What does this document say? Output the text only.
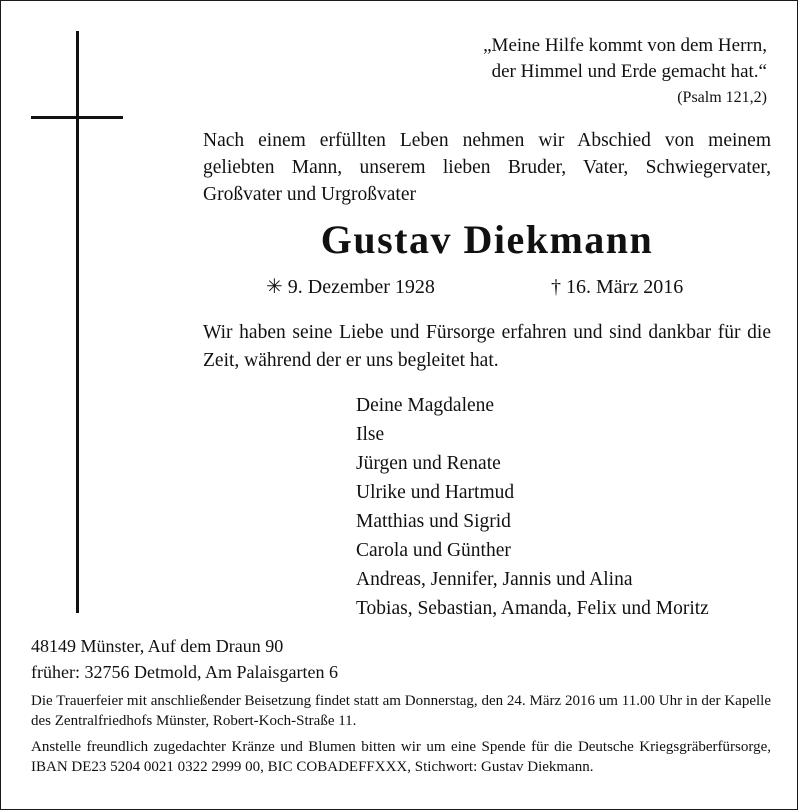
„Meine Hilfe kommt von dem Herrn,
der Himmel und Erde gemacht hat.“
(Psalm 121,2)
Nach einem erfüllten Leben nehmen wir Abschied von meinem geliebten Mann, unserem lieben Bruder, Vater, Schwiegervater, Großvater und Urgroßvater
Gustav Diekmann
✳ 9. Dezember 1928	† 16. März 2016
Wir haben seine Liebe und Fürsorge erfahren und sind dankbar für die Zeit, während der er uns begleitet hat.
Deine Magdalene
Ilse
Jürgen und Renate
Ulrike und Hartmud
Matthias und Sigrid
Carola und Günther
Andreas, Jennifer, Jannis und Alina
Tobias, Sebastian, Amanda, Felix und Moritz
48149 Münster, Auf dem Draun 90
früher: 32756 Detmold, Am Palaisgarten 6
Die Trauerfeier mit anschließender Beisetzung findet statt am Donnerstag, den 24. März 2016 um 11.00 Uhr in der Kapelle des Zentralfriedhofs Münster, Robert-Koch-Straße 11.
Anstelle freundlich zugedachter Kränze und Blumen bitten wir um eine Spende für die Deutsche Kriegsgräberfürsorge, IBAN DE23 5204 0021 0322 2999 00, BIC COBADEFFXXX, Stichwort: Gustav Diekmann.
